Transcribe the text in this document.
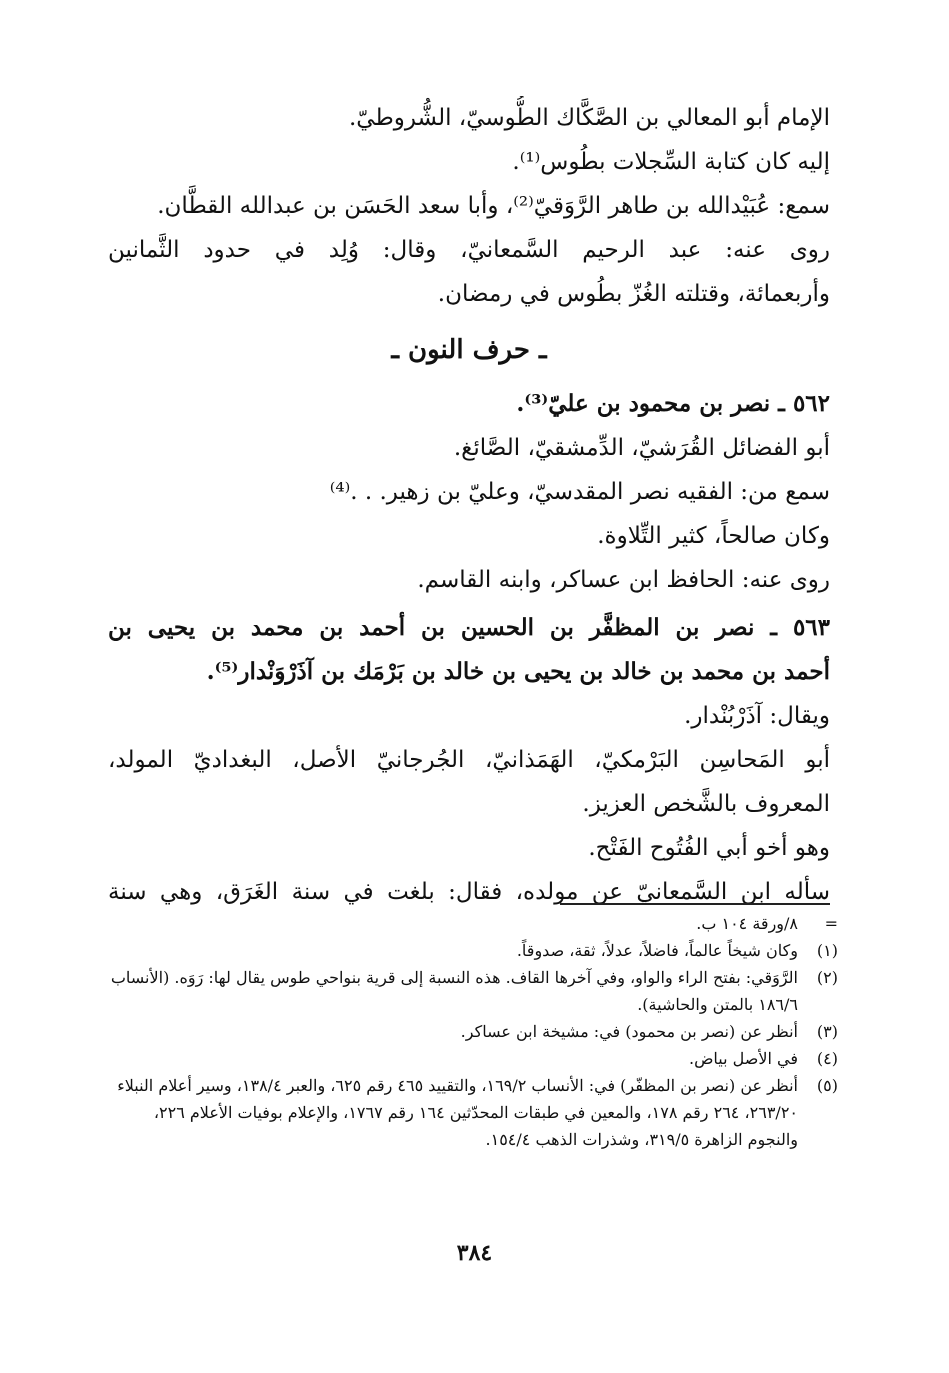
الإمام أبو المعالي بن الصَّكَّاك الطُّوسيّ، الشُّروطيّ.
إليه كان كتابة السِّجلات بطُوس⁽¹⁾.
سمع: عُبَيْدالله بن طاهر الرَّوَقيّ⁽²⁾، وأبا سعد الحَسَن بن عبدالله القطَّان.
روى عنه: عبد الرحيم السَّمعانيّ، وقال: وُلِد في حدود الثَّمانين
وأربعمائة، وقتلته الغُزّ بطُوس في رمضان.
ـ حرف النون ـ
٥٦٢ ـ نصر بن محمود بن عليّ⁽³⁾.
أبو الفضائل القُرَشيّ، الدِّمشقيّ، الصَّائغ.
سمع من: الفقيه نصر المقدسيّ، وعليّ بن زهير. . .⁽⁴⁾
وكان صالحاً، كثير التِّلاوة.
روى عنه: الحافظ ابن عساكر، وابنه القاسم.
٥٦٣ ـ نصر بن المظفَّر بن الحسين بن أحمد بن محمد بن يحيى بن
أحمد بن محمد بن خالد بن يحيى بن خالد بن بَرْمَك بن آذَرْوَنْدار⁽⁵⁾.
ويقال: آذَرْبُنْدار.
أبو المَحاسِن البَرْمكيّ، الهَمَذانيّ، الجُرجانيّ الأصل، البغداديّ المولد،
المعروف بالشَّخص العزيز.
وهو أخو أبي الفُتُوح الفَتْح.
سأله ابن السَّمعانيّ عن مولده، فقال: بلغت في سنة الغَرَق، وهي سنة
=
٨/ورقة ١٠٤ ب.
(١)
وكان شيخاً عالماً، فاضلاً، عدلاً، ثقة، صدوقاً.
(٢)
الرَّوَقي: بفتح الراء والواو، وفي آخرها القاف. هذه النسبة إلى قرية بنواحي طوس يقال لها: رَوَه. (الأنساب ١٨٦/٦ بالمتن والحاشية).
(٣)
أنظر عن (نصر بن محمود) في: مشيخة ابن عساكر.
(٤)
في الأصل بياض.
(٥)
أنظر عن (نصر بن المظفّر) في: الأنساب ١٦٩/٢، والتقييد ٤٦٥ رقم ٦٢٥، والعبر ١٣٨/٤، وسير أعلام النبلاء ٢٦٣/٢٠، ٢٦٤ رقم ١٧٨، والمعين في طبقات المحدّثين ١٦٤ رقم ١٧٦٧، والإعلام بوفيات الأعلام ٢٢٦، والنجوم الزاهرة ٣١٩/٥، وشذرات الذهب ١٥٤/٤.
٣٨٤
